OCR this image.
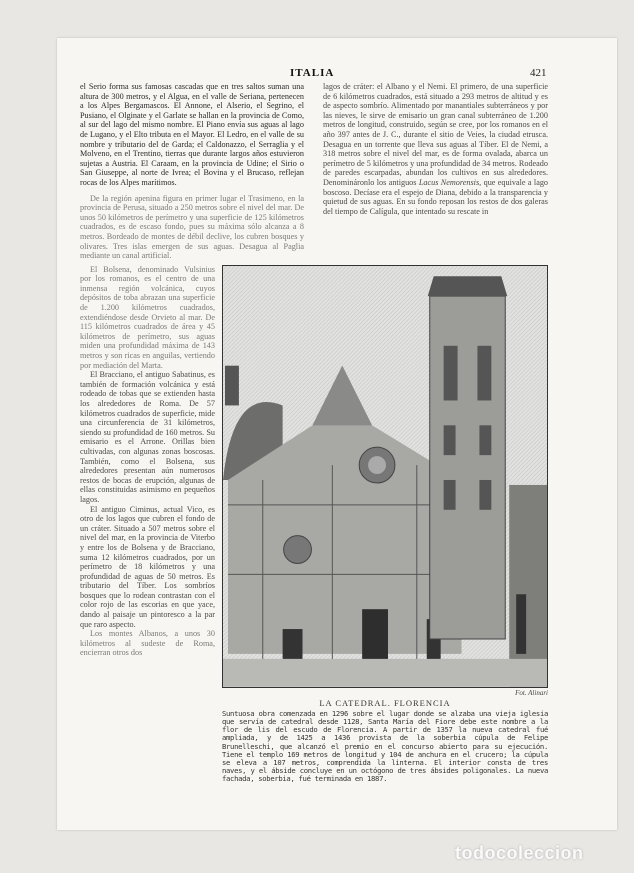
ITALIA	421

el Serio forma sus famosas cascadas que en tres saltos suman una altura de 300 metros, y el Algua, en el valle de Seriana, pertenecen a los Alpes Bergamascos. El Annone, el Alserio, el Segrino, el Pusiano, el Olginate y el Garlate se hallan en la provincia de Como, al sur del lago del mismo nombre. El Piano envía sus aguas al lago de Lugano, y el Elto tributa en el Mayor. El Ledro, en el valle de su nombre y tributario del de Garda; el Caldonazzo, el Serraglia y el Molveno, en el Trentino, tierras que durante largos años estuvieron sujetas a Austria. El Caraam, en la provincia de Udine; el Sirio o San Giuseppe, al norte de Ivrea; el Bovina y el Brucaso, reflejan rocas de los Alpes marítimos.

De la región apenina figura en primer lugar el Trasimeno, en la provincia de Perusa, situado a 250 metros sobre el nivel del mar. De unos 50 kilómetros de perímetro y una superficie de 125 kilómetros cuadrados, es de escaso fondo, pues su máxima sólo alcanza a 8 metros. Bordeado de montes de débil declive, los cubren bosques y olivares. Tres islas emergen de sus aguas. Desagua al Paglia mediante un canal artificial.

lagos de cráter: el Albano y el Nemi. El primero, de una superficie de 6 kilómetros cuadrados, está situado a 293 metros de altitud y es de aspecto sombrío. Alimentado por manantiales subterráneos y por las nieves, le sirve de emisario un gran canal subterráneo de 1.200 metros de longitud, construido, según se cree, por los romanos en el año 397 antes de J. C., durante el sitio de Veies, la ciudad etrusca. Desagua en un torrente que lleva sus aguas al Tíber. El de Nemi, a 318 metros sobre el nivel del mar, es de forma ovalada, abarca un perímetro de 5 kilómetros y una profundidad de 34 metros. Rodeado de paredes escarpadas, abundan los cultivos en sus alrededores. Denomináronlo los antiguos Lacus Nemorensis, que equivale a lago boscoso. Decíase era el espejo de Diana, debido a la transparencia y quietud de sus aguas. En su fondo reposan los restos de dos galeras del tiempo de Calígula, que intentado su rescate in

El Bolsena, denominado Vulsinius por los romanos, es el centro de una inmensa región volcánica, cuyos depósitos de toba abrazan una superficie de 1.200 kilómetros cuadrados, extendiéndose desde Orvieto al mar. De 115 kilómetros cuadrados de área y 45 kilómetros de perímetro, sus aguas miden una profundidad máxima de 143 metros y son ricas en anguilas, vertiendo por mediación del Marta.

El Bracciano, el antiguo Sabatinus, es también de formación volcánica y está rodeado de tobas que se extienden hasta los alrededores de Roma. De 57 kilómetros cuadrados de superficie, mide una circunferencia de 31 kilómetros, siendo su profundidad de 160 metros. Su emisario es el Arrone. Orillas bien cultivadas, con algunas zonas boscosas. También, como el Bolsena, sus alrededores presentan aún numerosos restos de bocas de erupción, algunas de ellas constituidas asimismo en pequeños lagos.

El antiguo Ciminus, actual Vico, es otro de los lagos que cubren el fondo de un cráter. Situado a 507 metros sobre el nivel del mar, en la provincia de Viterbo y entre los de Bolsena y de Bracciano, suma 12 kilómetros cuadrados, por un perímetro de 18 kilómetros y una profundidad de aguas de 50 metros. Es tributario del Tíber. Los sombríos bosques que lo rodean contrastan con el color rojo de las escorias en que yace, dando al paisaje un pintoresco a la par que raro aspecto.

Los montes Albanos, a unos 30 kilómetros al sudeste de Roma, encierran otros dos

Fot. Alinari
LA CATEDRAL. FLORENCIA
Suntuosa obra comenzada en 1296 sobre el lugar donde se alzaba una vieja iglesia que servía de catedral desde 1128, Santa María del Fiore debe este nombre a la flor de lis del escudo de Florencia. A partir de 1357 la nueva catedral fué ampliada, y de 1425 a 1436 provista de la soberbia cúpula de Felipe Brunelleschi, que alcanzó el premio en el concurso abierto para su ejecución. Tiene el templo 169 metros de longitud y 104 de anchura en el crucero; la cúpula se eleva a 107 metros, comprendida la linterna. El interior consta de tres naves, y el ábside concluye en un octógono de tres ábsides poligonales. La nueva fachada, soberbia, fué terminada en 1887.
todocoleccion
